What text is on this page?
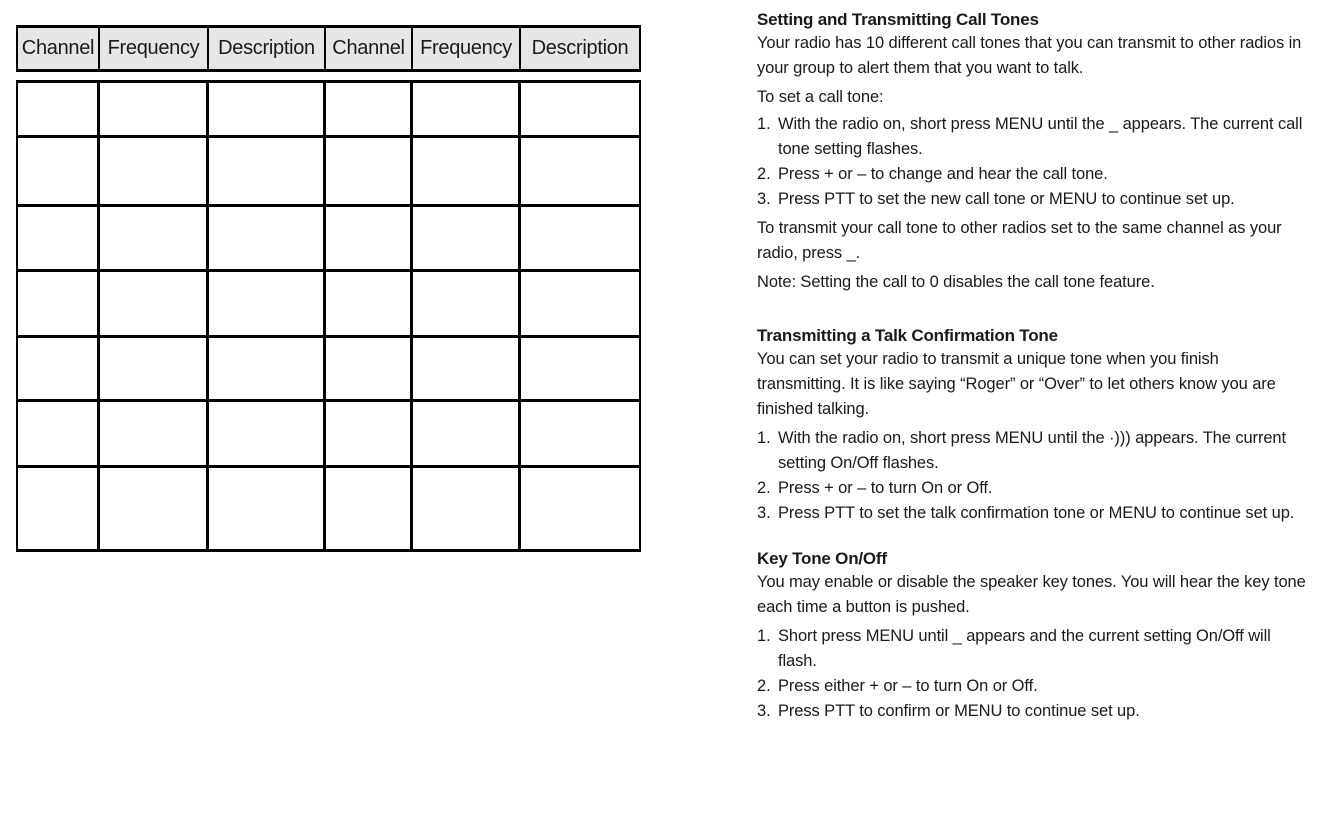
Channel Frequency Description Channel Frequency Description
Setting and Transmitting Call Tones

Your radio has 10 different call tones that you can transmit to other radios in your group to alert them that you want to talk.

To set a call tone:

1. With the radio on, short press MENU until the _ appears. The current call tone setting flashes.
2. Press + or – to change and hear the call tone.
3. Press PTT to set the new call tone or MENU to continue set up.

To transmit your call tone to other radios set to the same channel as your radio, press _.

Note: Setting the call to 0 disables the call tone feature.

Transmitting a Talk Confirmation Tone

You can set your radio to transmit a unique tone when you finish transmitting. It is like saying “Roger” or “Over” to let others know you are finished talking.

1. With the radio on, short press MENU until the ·))) appears. The current setting On/Off flashes.
2. Press + or – to turn On or Off.
3. Press PTT to set the talk confirmation tone or MENU to continue set up.
Key Tone On/Off

You may enable or disable the speaker key tones. You will hear the key tone each time a button is pushed.

1. Short press MENU until _ appears and the current setting On/Off will flash.
2. Press either + or – to turn On or Off.
3. Press PTT to confirm or MENU to continue set up.
